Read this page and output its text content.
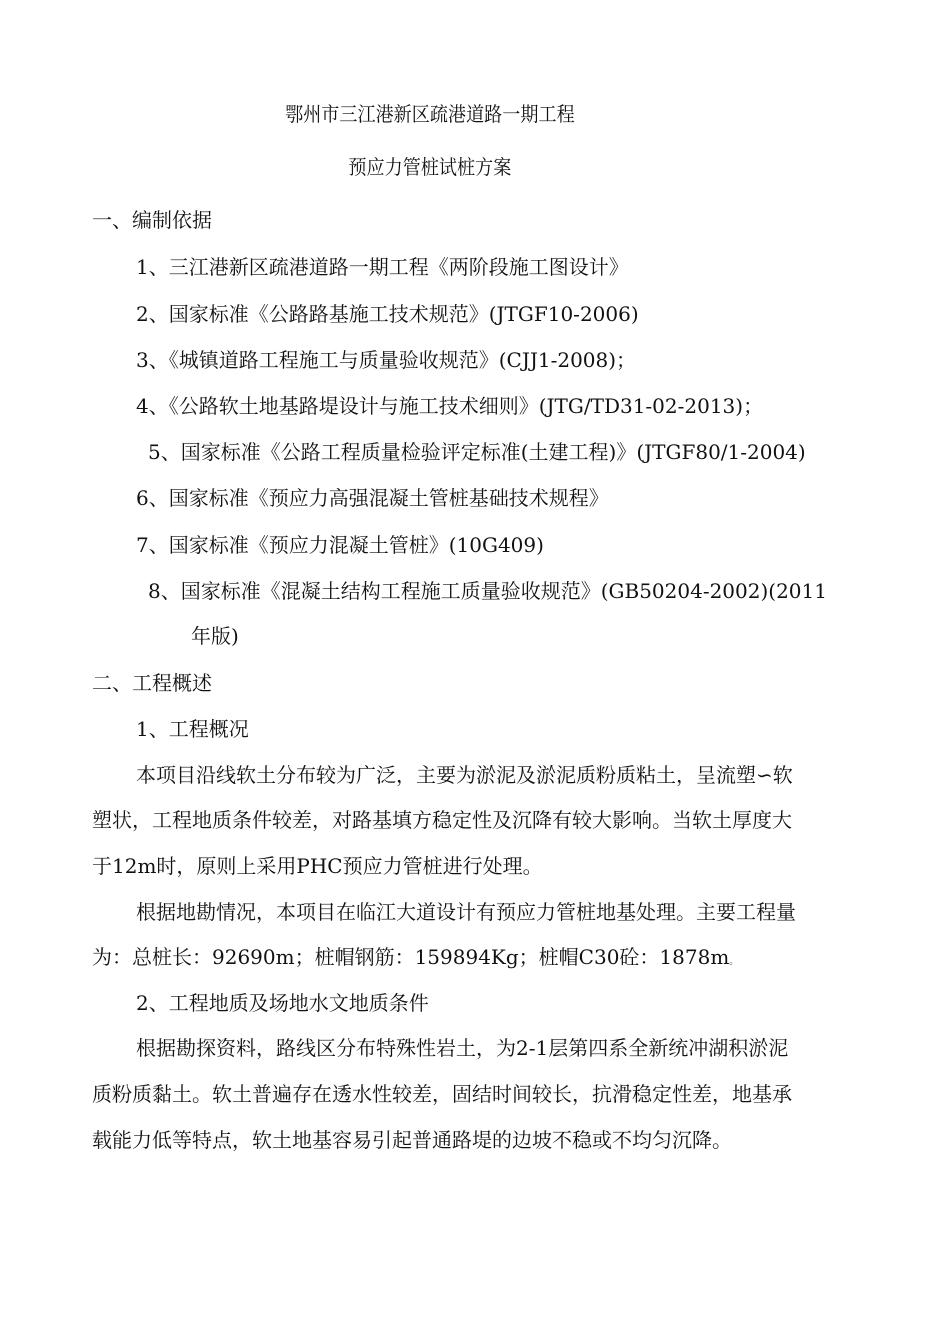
鄂州市三江港新区疏港道路一期工程
预应力管桩试桩方案
一、编制依据
1、三江港新区疏港道路一期工程《两阶段施工图设计》
2、国家标准《公路路基施工技术规范》(JTGF10-2006)
3、《城镇道路工程施工与质量验收规范》(CJJ1-2008)；
4、《公路软土地基路堤设计与施工技术细则》(JTG/TD31-02-2013)；
5、国家标准《公路工程质量检验评定标准(土建工程)》(JTGF80/1-2004)
6、国家标准《预应力高强混凝土管桩基础技术规程》
7、国家标准《预应力混凝土管桩》(10G409)
8、国家标准《混凝土结构工程施工质量验收规范》(GB50204-2002)(2011
年版)
二、工程概述
1、工程概况
本项目沿线软土分布较为广泛，主要为淤泥及淤泥质粉质粘土，呈流塑∽软
塑状，工程地质条件较差，对路基填方稳定性及沉降有较大影响。当软土厚度大
于12m时，原则上采用PHC预应力管桩进行处理。
根据地勘情况，本项目在临江大道设计有预应力管桩地基处理。主要工程量
为：总桩长：92690m；桩帽钢筋：159894Kg；桩帽C30砼：1878m。
2、工程地质及场地水文地质条件
根据勘探资料，路线区分布特殊性岩土，为2-1层第四系全新统冲湖积淤泥
质粉质黏土。软土普遍存在透水性较差，固结时间较长，抗滑稳定性差，地基承
载能力低等特点，软土地基容易引起普通路堤的边坡不稳或不均匀沉降。
